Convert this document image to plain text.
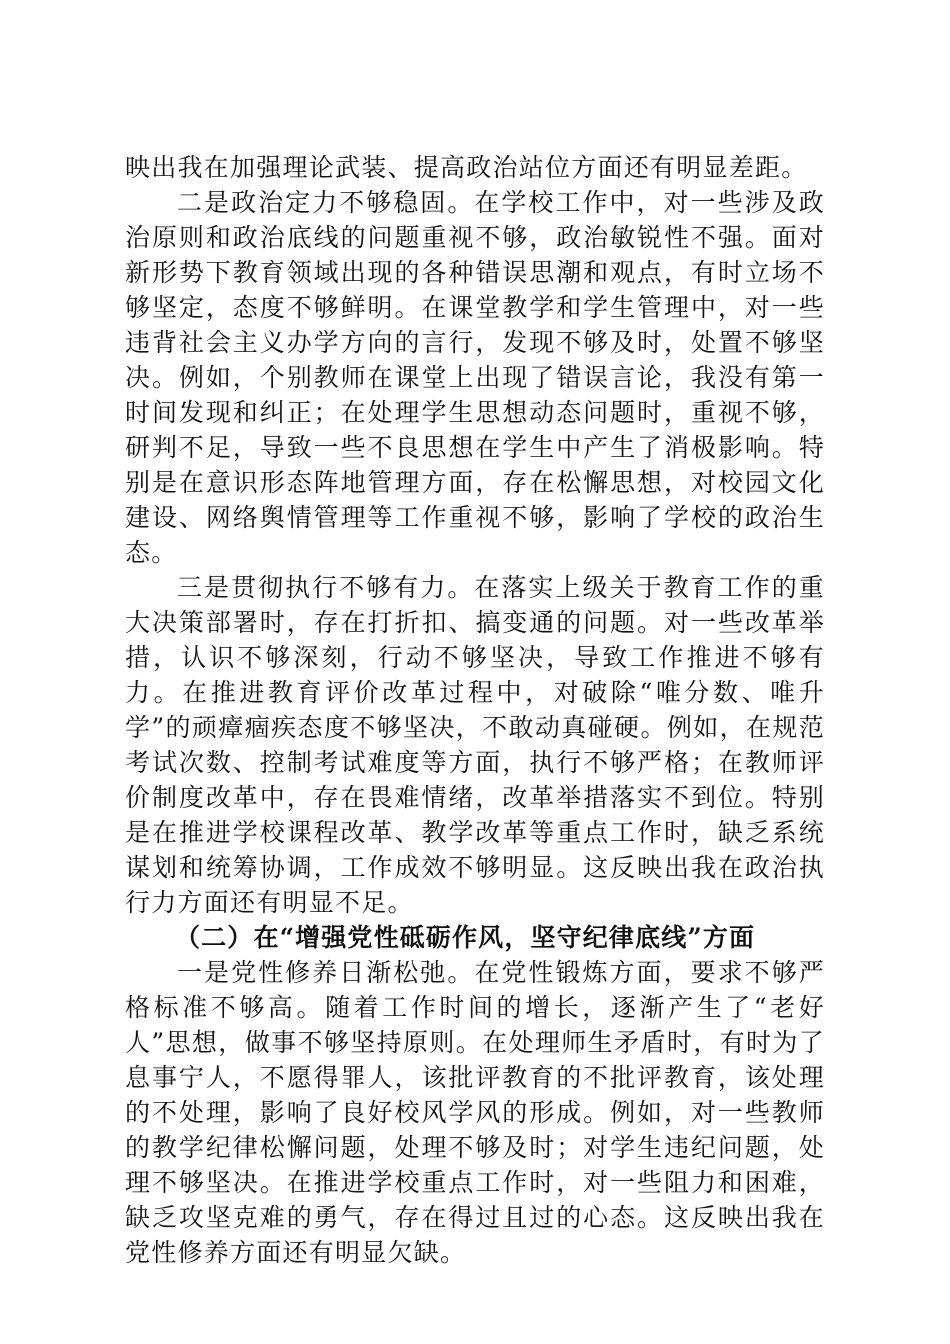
映出我在加强理论武装、提高政治站位方面还有明显差距。

二是政治定力不够稳固。在学校工作中，对一些涉及政治原则和政治底线的问题重视不够，政治敏锐性不强。面对新形势下教育领域出现的各种错误思潮和观点，有时立场不够坚定，态度不够鲜明。在课堂教学和学生管理中，对一些违背社会主义办学方向的言行，发现不够及时，处置不够坚决。例如，个别教师在课堂上出现了错误言论，我没有第一时间发现和纠正；在处理学生思想动态问题时，重视不够，研判不足，导致一些不良思想在学生中产生了消极影响。特别是在意识形态阵地管理方面，存在松懈思想，对校园文化建设、网络舆情管理等工作重视不够，影响了学校的政治生态。

三是贯彻执行不够有力。在落实上级关于教育工作的重大决策部署时，存在打折扣、搞变通的问题。对一些改革举措，认识不够深刻，行动不够坚决，导致工作推进不够有力。在推进教育评价改革过程中，对破除“唯分数、唯升学”的顽瘴痼疾态度不够坚决，不敢动真碰硬。例如，在规范考试次数、控制考试难度等方面，执行不够严格；在教师评价制度改革中，存在畏难情绪，改革举措落实不到位。特别是在推进学校课程改革、教学改革等重点工作时，缺乏系统谋划和统筹协调，工作成效不够明显。这反映出我在政治执行力方面还有明显不足。

（二）在“增强党性砥砺作风，坚守纪律底线”方面

一是党性修养日渐松弛。在党性锻炼方面，要求不够严格标准不够高。随着工作时间的增长，逐渐产生了“老好人”思想，做事不够坚持原则。在处理师生矛盾时，有时为了息事宁人，不愿得罪人，该批评教育的不批评教育，该处理的不处理，影响了良好校风学风的形成。例如，对一些教师的教学纪律松懈问题，处理不够及时；对学生违纪问题，处理不够坚决。在推进学校重点工作时，对一些阻力和困难，缺乏攻坚克难的勇气，存在得过且过的心态。这反映出我在党性修养方面还有明显欠缺。
